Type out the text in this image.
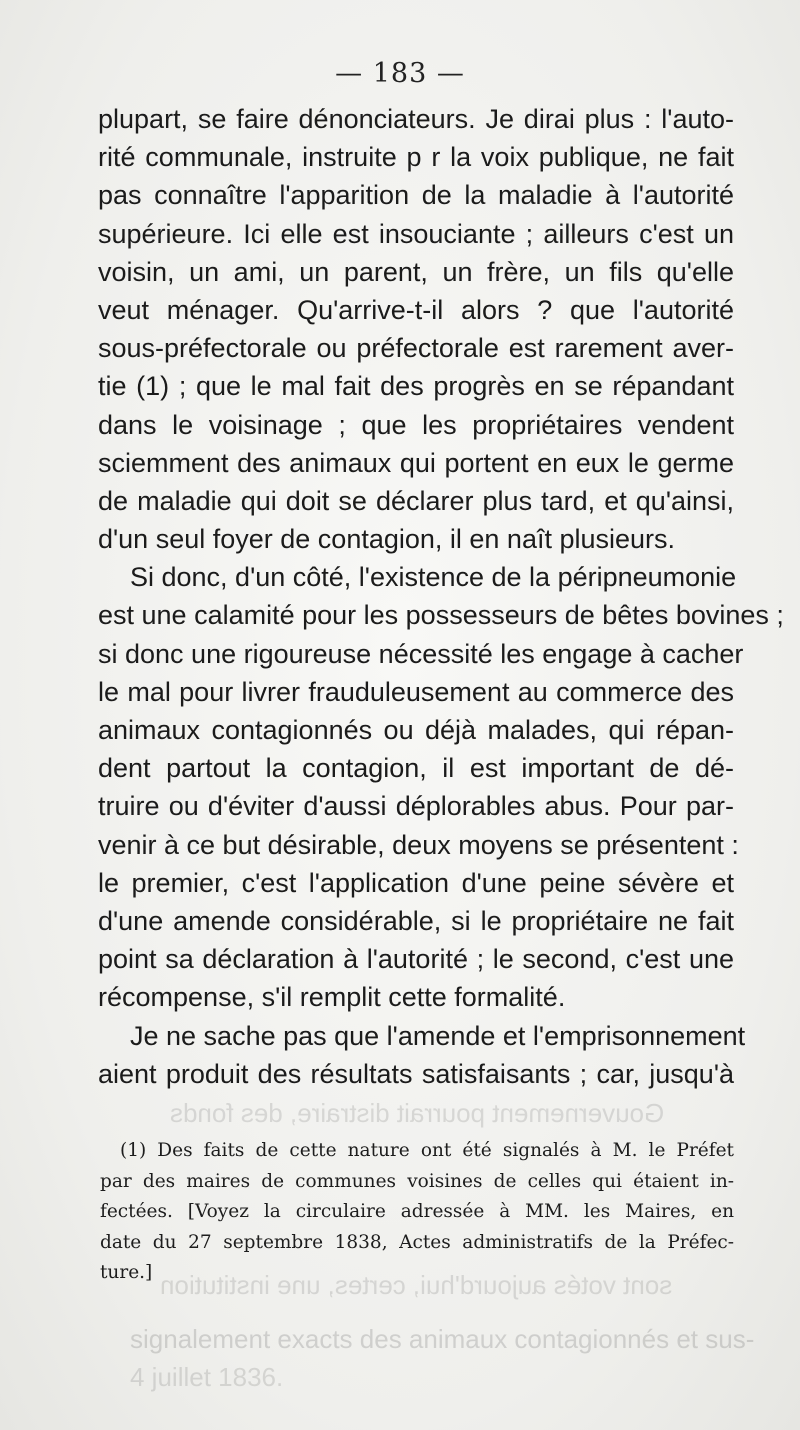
Gouvernement pourrait distraire, des fonds
sont votés aujourd'hui, certes, une institution
signalement exacts des animaux contagionnés et sus-
4 juillet 1836.
— 183 —
plupart, se faire dénonciateurs. Je dirai plus : l'auto-
rité communale, instruite p r la voix publique, ne fait
pas connaître l'apparition de la maladie à l'autorité
supérieure. Ici elle est insouciante ; ailleurs c'est un
voisin, un ami, un parent, un frère, un fils qu'elle
veut ménager. Qu'arrive-t-il alors ? que l'autorité
sous-préfectorale ou préfectorale est rarement aver-
tie (1) ; que le mal fait des progrès en se répandant
dans le voisinage ; que les propriétaires vendent
sciemment des animaux qui portent en eux le germe
de maladie qui doit se déclarer plus tard, et qu'ainsi,
d'un seul foyer de contagion, il en naît plusieurs.
Si donc, d'un côté, l'existence de la péripneumonie
est une calamité pour les possesseurs de bêtes bovines ;
si donc une rigoureuse nécessité les engage à cacher
le mal pour livrer frauduleusement au commerce des
animaux contagionnés ou déjà malades, qui répan-
dent partout la contagion, il est important de dé-
truire ou d'éviter d'aussi déplorables abus. Pour par-
venir à ce but désirable, deux moyens se présentent :
le premier, c'est l'application d'une peine sévère et
d'une amende considérable, si le propriétaire ne fait
point sa déclaration à l'autorité ; le second, c'est une
récompense, s'il remplit cette formalité.
Je ne sache pas que l'amende et l'emprisonnement
aient produit des résultats satisfaisants ; car, jusqu'à
(1) Des faits de cette nature ont été signalés à M. le Préfet
par des maires de communes voisines de celles qui étaient in-
fectées. [Voyez la circulaire adressée à MM. les Maires, en
date du 27 septembre 1838, Actes administratifs de la Préfec-
ture.]
